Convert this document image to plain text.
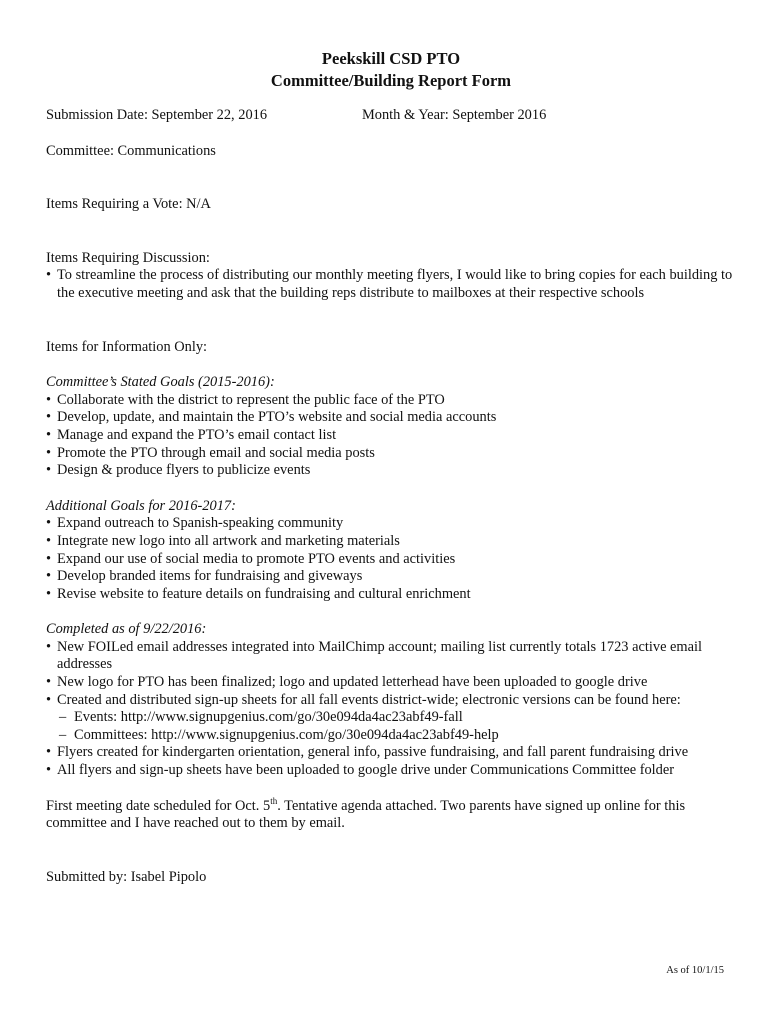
Peekskill CSD PTO

Committee/Building Report Form

Submission Date: September 22, 2016	Month & Year: September 2016

Committee: Communications

Items Requiring a Vote: N/A

Items Requiring Discussion:

• To streamline the process of distributing our monthly meeting flyers, I would like to bring copies for each building to the executive meeting and ask that the building reps distribute to mailboxes at their respective schools

Items for Information Only:

Committee’s Stated Goals (2015-2016):

• Collaborate with the district to represent the public face of the PTO
• Develop, update, and maintain the PTO’s website and social media accounts
• Manage and expand the PTO’s email contact list
• Promote the PTO through email and social media posts
• Design & produce flyers to publicize events

Additional Goals for 2016-2017:

• Expand outreach to Spanish-speaking community
• Integrate new logo into all artwork and marketing materials
• Expand our use of social media to promote PTO events and activities
• Develop branded items for fundraising and giveways
• Revise website to feature details on fundraising and cultural enrichment

Completed as of 9/22/2016:

• New FOILed email addresses integrated into MailChimp account; mailing list currently totals 1723 active email addresses
• New logo for PTO has been finalized; logo and updated letterhead have been uploaded to google drive
• Created and distributed sign-up sheets for all fall events district-wide; electronic versions can be found here:
– Events: http://www.signupgenius.com/go/30e094da4ac23abf49-fall
– Committees: http://www.signupgenius.com/go/30e094da4ac23abf49-help
• Flyers created for kindergarten orientation, general info, passive fundraising, and fall parent fundraising drive
• All flyers and sign-up sheets have been uploaded to google drive under Communications Committee folder

First meeting date scheduled for Oct. 5th. Tentative agenda attached. Two parents have signed up online for this committee and I have reached out to them by email.

Submitted by: Isabel Pipolo

As of 10/1/15
